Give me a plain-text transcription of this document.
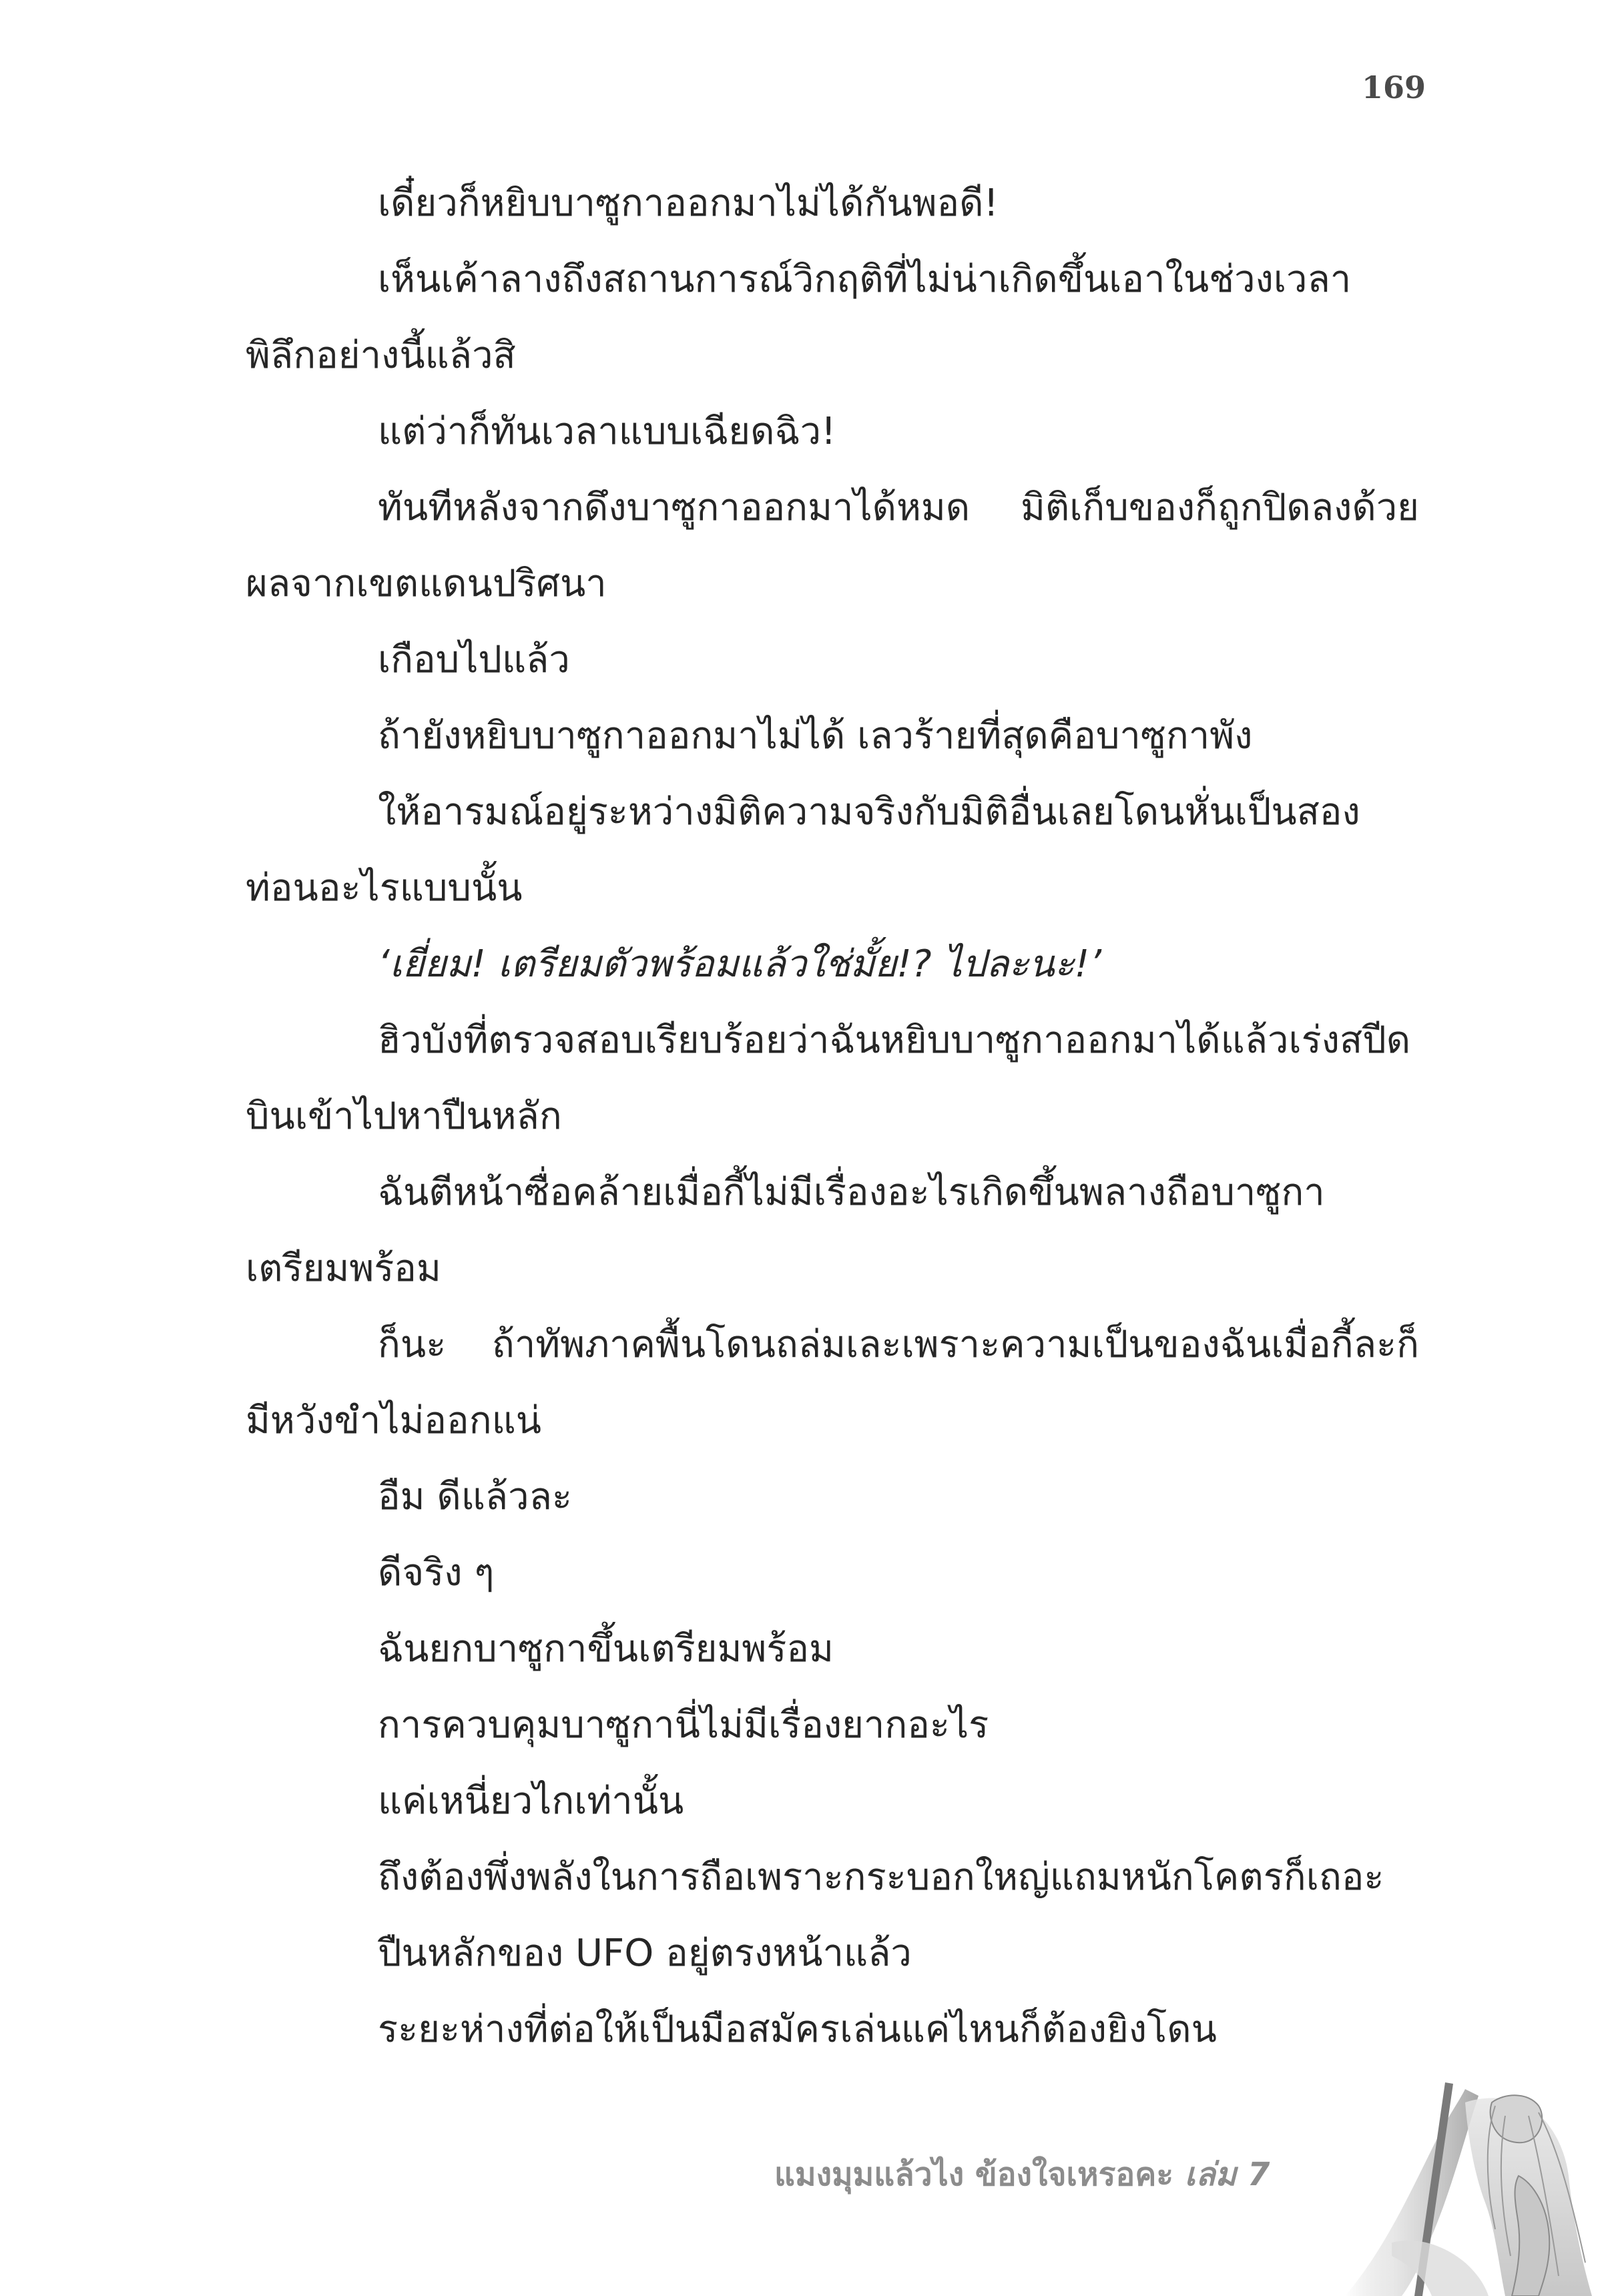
169

เดี๋ยวก็หยิบบาซูกาออกมาไม่ได้กันพอดี!

เห็นเค้าลางถึงสถานการณ์วิกฤติที่ไม่น่าเกิดขึ้นเอาในช่วงเวลาพิลึกอย่างนี้แล้วสิ

แต่ว่าก็ทันเวลาแบบเฉียดฉิว!

ทันทีหลังจากดึงบาซูกาออกมาได้หมด มิติเก็บของก็ถูกปิดลงด้วยผลจากเขตแดนปริศนา

เกือบไปแล้ว

ถ้ายังหยิบบาซูกาออกมาไม่ได้ เลวร้ายที่สุดคือบาซูกาพัง

ให้อารมณ์อยู่ระหว่างมิติความจริงกับมิติอื่นเลยโดนหั่นเป็นสองท่อนอะไรแบบนั้น

‘เยี่ยม! เตรียมตัวพร้อมแล้วใช่มั้ย!? ไปละนะ!’

ฮิวบังที่ตรวจสอบเรียบร้อยว่าฉันหยิบบาซูกาออกมาได้แล้วเร่งสปีดบินเข้าไปหาปืนหลัก

ฉันตีหน้าซื่อคล้ายเมื่อกี้ไม่มีเรื่องอะไรเกิดขึ้นพลางถือบาซูกาเตรียมพร้อม

ก็นะ ถ้าทัพภาคพื้นโดนถล่มเละเพราะความเป็นของฉันเมื่อกี้ละก็ มีหวังขำไม่ออกแน่

อืม ดีแล้วละ

ดีจริง ๆ

ฉันยกบาซูกาขึ้นเตรียมพร้อม

การควบคุมบาซูกานี่ไม่มีเรื่องยากอะไร

แค่เหนี่ยวไกเท่านั้น

ถึงต้องพึ่งพลังในการถือเพราะกระบอกใหญ่แถมหนักโคตรก็เถอะ

ปืนหลักของ UFO อยู่ตรงหน้าแล้ว

ระยะห่างที่ต่อให้เป็นมือสมัครเล่นแค่ไหนก็ต้องยิงโดน

แมงมุมแล้วไง ข้องใจเหรอคะ เล่ม 7
